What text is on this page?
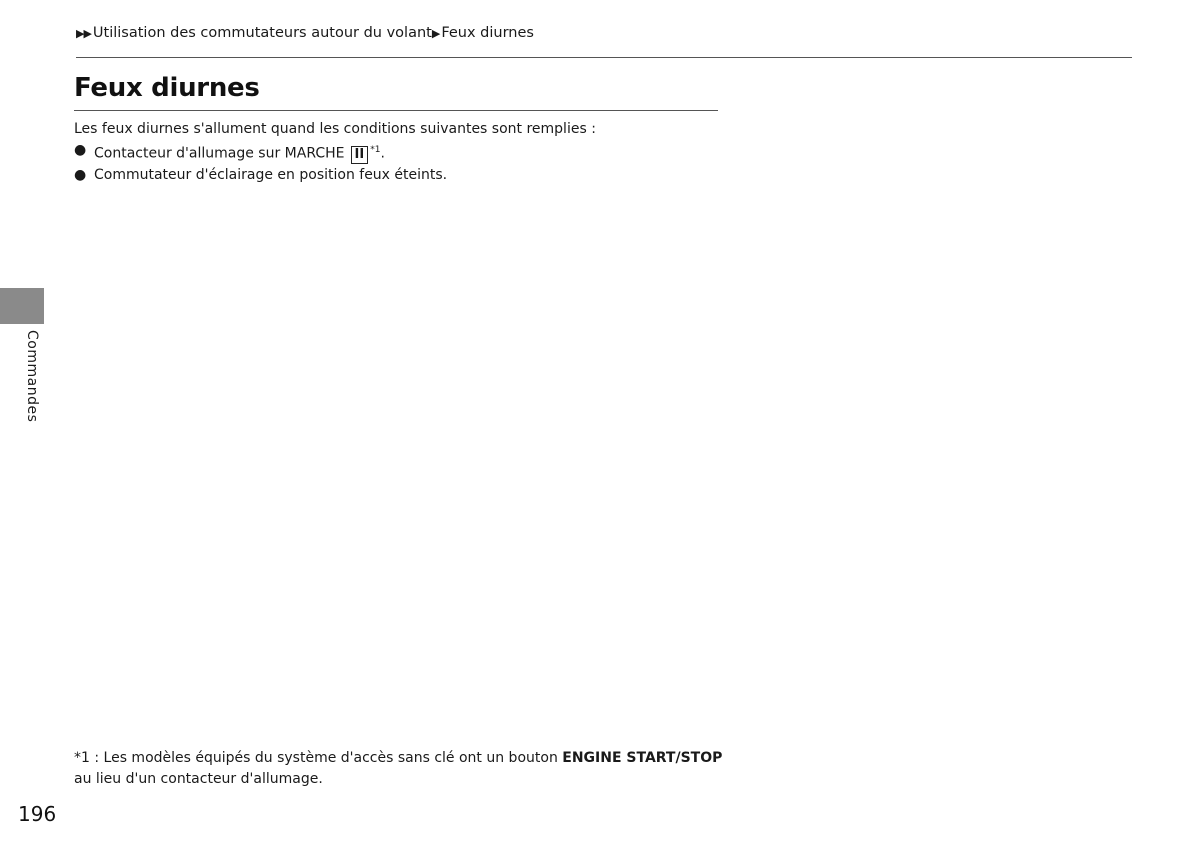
▶▶ Utilisation des commutateurs autour du volant▶ Feux diurnes
Feux diurnes

Les feux diurnes s'allument quand les conditions suivantes sont remplies :

● Contacteur d'allumage sur MARCHE II $^{*1}$.
● Commutateur d'éclairage en position feux éteints.
Commandes
*1 : Les modèles équipés du système d'accès sans clé ont un bouton ENGINE START/STOP au lieu d'un contacteur d'allumage.
196
